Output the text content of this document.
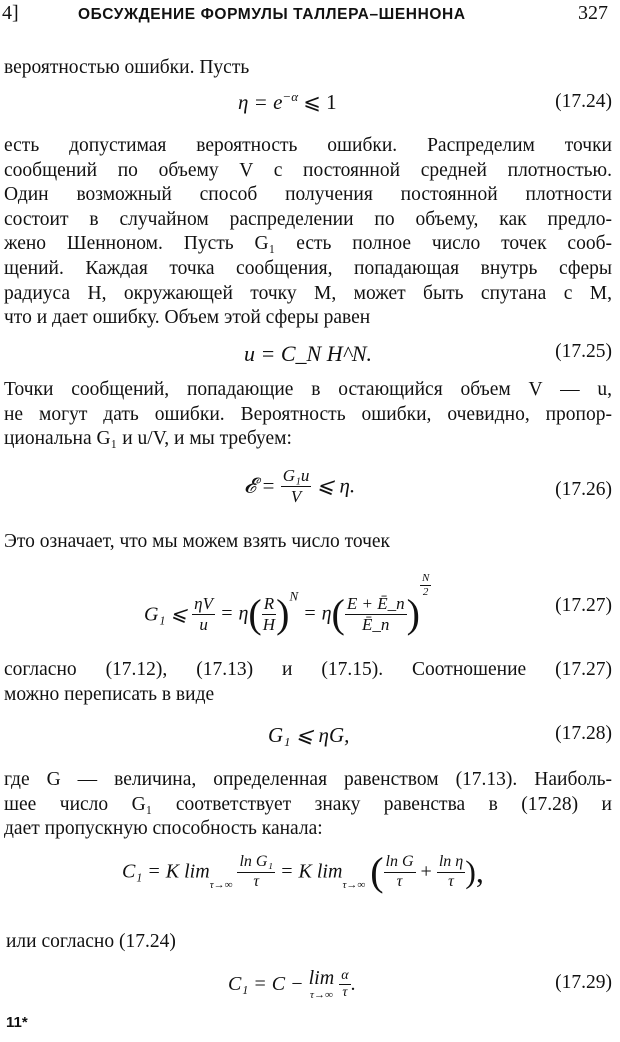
4]	ОБСУЖДЕНИЕ ФОРМУЛЫ ТАЛЛЕРА–ШЕННОНА	327
вероятностью ошибки. Пусть
$\eta = e^{-\alpha}$ ⩽ 1	(17.24)
есть допустимая вероятность ошибки. Распределим точки
сообщений по объему V с постоянной средней плотностью.
Один возможный способ получения постоянной плотности
состоит в случайном распределении по объему, как предло-
жено Шенноном. Пусть G₁ есть полное число точек сооб-
щений. Каждая точка сообщения, попадающая внутрь сферы
радиуса H, окружающей точку M, может быть спутана с M,
что и дает ошибку. Объем этой сферы равен
u = C_N H^N.	(17.25)
Точки сообщений, попадающие в остающийся объем V — u,
не могут дать ошибки. Вероятность ошибки, очевидно, пропор-
циональна G₁ и u/V, и мы требуем:
𝓔 = $\frac{\text{G₁u}}{V}$ ⩽ η.	(17.26)
Это означает, что мы можем взять число точек
G₁ ⩽ $\frac{\eta V}{u} = \eta( \frac{R}{H} )^N = \eta( \frac{E + Ē\_n}{Ē\_n}$ )
$\frac{N}{2}$
(17.27)
согласно (17.12), (17.13) и (17.15). Соотношение (17.27)
можно переписать в виде
G₁ ⩽ ηG,	(17.28)
где G — величина, определенная равенством (17.13). Наиболь-
шее число G₁ соответствует знаку равенства в (17.28) и
дает пропускную способность канала:
C₁ = K lim
τ→∞
$\frac{\text{ln G₁}}{\tau} = K$ lim
τ→∞ ( $\frac{\text{ln G}}{\tau} + \frac{\text{ln η}}{\tau}$ ),
или согласно (17.24)
C₁ = C − lim
τ→∞
$\frac{\alpha}{\tau}$ .	(17.29)
11*
